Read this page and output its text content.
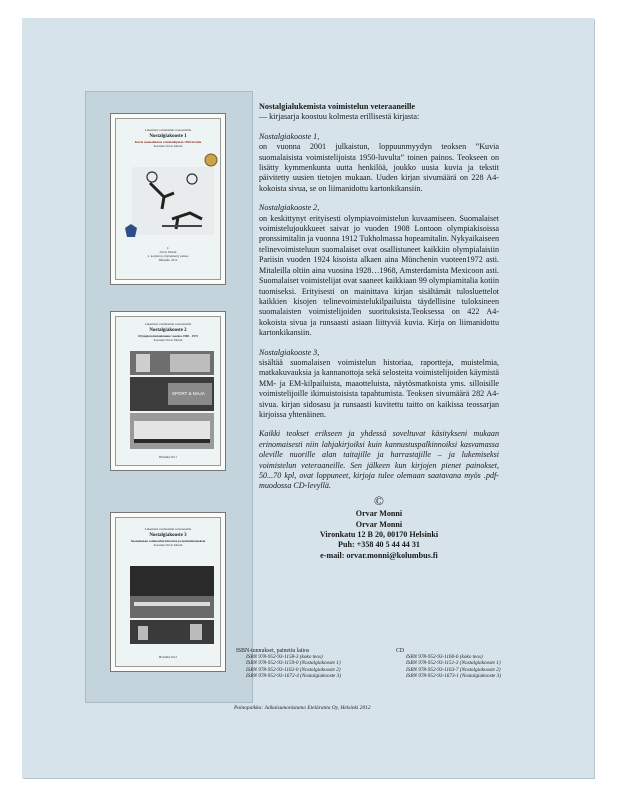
Lukemista voimistelun veteraaneille
Nostalgiakooste 1
Kuvia suomalaisista voimistelijoista 1950-luvulta
Koonnut Orvar Monni
C
Orvar Monni
2. korjattu ja täydennetty painos
Helsinki, 2012
Lukemista voimistelun veteraaneille
Nostalgiakooste 2
Olympiavoimistelumme vuosina 1908 - 1972
Koonnut Orvar Monni
SPORT & MAJA
Helsinki 2011
Lukemista voimistelun veteraaneille
Nostalgiakooste 3
Suomalaisen voimistelun historiaa ja muistelmateoksia
Koonnut Orvar Monni
Helsinki 2012

Nostalgialukemista voimistelun veteraaneille

— kirjasarja koostuu kolmesta erillisestä kirjasta:

Nostalgiakooste 1,

on vuonna 2001 julkaistun, loppuunmyydyn teoksen ”Kuvia suomalaisista voimistelijoista 1950-luvulta” toinen painos. Teokseen on lisätty kymmenkunta uutta henkilöä, joukko uusia kuvia ja tekstit päivitetty uusien tietojen mukaan. Uuden kirjan sivumäärä on 228 A4-kokoista sivua, se on liimanidottu kartonkikansiin.

Nostalgiakooste 2,

on keskittynyt erityisesti olympiavoimistelun kuvaamiseen. Suomalaiset voimistelujoukkueet saivat jo vuoden 1908 Lontoon olympiakisoissa pronssimitalin ja vuonna 1912 Tukholmassa hopeamitalin. Nykyaikaiseen telinevoimisteluun suomalaiset ovat osallistuneet kaikkiin olympialaisiin Pariisin vuoden 1924 kisoista alkaen aina Münchenin vuoteen1972 asti. Mitaleilla oltiin aina vuosina 1928…1968, Amsterdamista Mexicoon asti. Suomalaiset voimistelijat ovat saaneet kaikkiaan 99 olympiamitalia kotiin tuomiseksi. Erityisesti on mainittava kirjan sisältämät tulosluettelot kaikkien kisojen telinevoimistelukilpailuista täydellisine tuloksineen suomalaisten voimistelijoiden suorituksista.Teoksessa on 422 A4-kokoista sivua ja runsaasti asiaan liittyviä kuvia. Kirja on liimanidottu kartonkikansiin.

Nostalgiakooste 3,

sisältää suomalaisen voimistelun historiaa, raportteja, muistelmia, matkakuvauksia ja kannanottoja sekä selosteita voimistelijoiden käymistä MM- ja EM-kilpailuista, maaotteluista, näytösmatkoista yms. silloisille voimistelijoille ikimuistoisista tapahtumista. Teoksen sivumäärä 282 A4-sivua. kirjan sidosasu ja runsaasti kuvitettu taitto on kaikissa teossarjan kirjoissa yhtenäinen.

Kaikki teokset erikseen ja yhdessä soveltuvat käsitykseni mukaan erinomaisesti niin lahjakirjoiksi kuin kannustuspalkinnoiksi kasvamassa oleville nuorille alan taitajille ja harrastajille – ja lukemiseksi voimistelun veteraaneille. Sen jälkeen kun kirjojen pienet painokset, 50...70 kpl, ovat loppuneet, kirjoja tulee olemaan saatavana myös .pdf-muodossa CD-levyllä.

©

Orvar Monni

Orvar Monni

Vironkatu 12 B 20, 00170 Helsinki

Puh: +358 40 5 44 44 31

e-mail: orvar.monni@kolumbus.fi

ISBN-tunnukset, painettu laitos
ISBN 978-952-93-1158-3 (koko teos)
ISBN 978-952-93-1159-0 (Nostalgiakooste 1)
ISBN 978-952-93-1162-0 (Nostalgiakooste 2)
ISBN 978-952-93-1672-4 (Nostalgiakooste 3)
CD
ISBN 978-952-93-1160-6 (koko teos)
ISBN 978-952-93-1151-3 (Nostalgiakooste 1)
ISBN 978-952-93-1163-7 (Nostalgiakooste 2)
ISBN 978-952-93-1673-1 (Nostalgiakooste 3)
Painopaikka: Julkaisumonistamo Eteläranta Oy, Helsinki 2012
